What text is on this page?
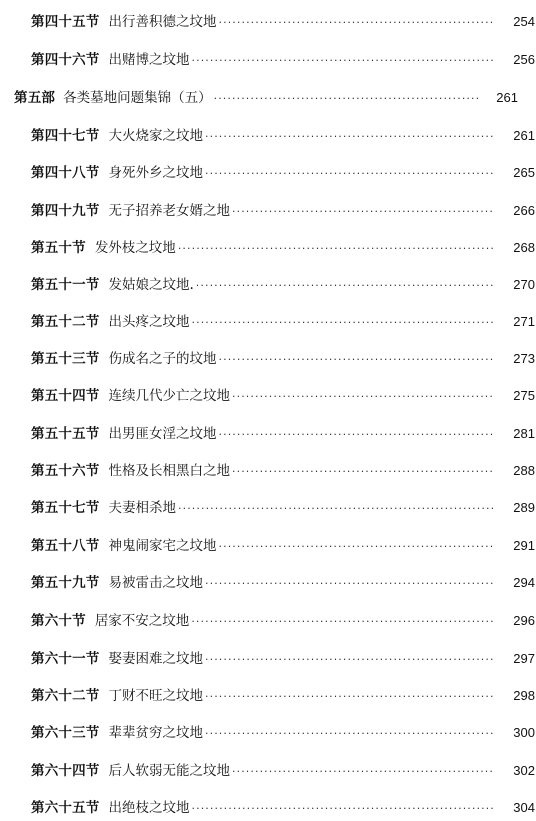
第四十五节 出行善积德之坟地 ·····	254
第四十六节 出赌博之坟地 ·····	256
第五部 各类墓地问题集锦（五） ·····	261
第四十七节 大火烧家之坟地 ·····	261
第四十八节 身死外乡之坟地 ·····	265
第四十九节 无子招养老女婿之地 ·····	266
第五十节 发外枝之坟地 ·····	268
第五十一节 发姑娘之坟地. ·····	270
第五十二节 出头疼之坟地 ·····	271
第五十三节 伤成名之子的坟地 ·····	273
第五十四节 连续几代少亡之坟地 ·····	275
第五十五节 出男匪女淫之坟地 ·····	281
第五十六节 性格及长相黑白之地 ·····	288
第五十七节 夫妻相杀地 ·····	289
第五十八节 神鬼闹家宅之坟地 ·····	291
第五十九节 易被雷击之坟地 ·····	294
第六十节 居家不安之坟地 ·····	296
第六十一节 娶妻困难之坟地 ·····	297
第六十二节 丁财不旺之坟地 ·····	298
第六十三节 辈辈贫穷之坟地 ·····	300
第六十四节 后人软弱无能之坟地 ·····	302
第六十五节 出绝枝之坟地 ·····	304
